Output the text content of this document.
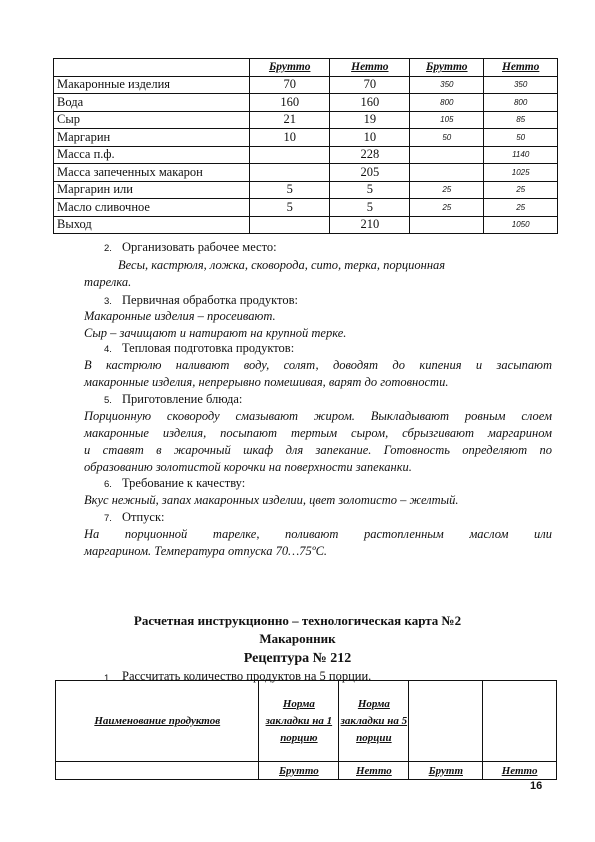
	Брутто	Нетто	Брутто	Нетто
Макаронные изделия	70	70	350	350
Вода	160	160	800	800
Сыр	21	19	105	85
Маргарин	10	10	50	50
Масса п.ф.		228		1140
Масса запеченных макарон		205		1025
Маргарин или	5	5	25	25
Масло сливочное	5	5	25	25
Выход		210		1050
2. Организовать рабочее место:
Весы, кастрюля, ложка, сковорода, сито, терка, порционная
тарелка.
3. Первичная обработка продуктов:
Макаронные изделия – просеивают.
Сыр – зачищают и натирают на крупной терке.
4. Тепловая подготовка продуктов:
В кастрюлю наливают воду, солят, доводят до кипения и засыпают
макаронные изделия, непрерывно помешивая, варят до готовности.
5. Приготовление блюда:
Порционную сковороду смазывают жиром. Выкладывают ровным слоем
макаронные изделия, посыпают тертым сыром, сбрызгивают маргарином
и ставят в жарочный шкаф для запекание. Готовность определяют по
образованию золотистой корочки на поверхности запеканки.
6. Требование к качеству:
Вкус нежный, запах макаронных изделии, цвет золотисто – желтый.
7. Отпуск:
На порционной тарелке, поливают растопленным маслом или
маргарином. Температура отпуска 70…75ºС.
Расчетная инструкционно – технологическая карта №2
Макаронник
Рецептура № 212
1. Рассчитать количество продуктов на 5 порции.
Наименование продуктов	Норма закладки на 1 порцию	Норма закладки на 5 порции		
	Брутто	Нетто	Брутт	Нетто
16
